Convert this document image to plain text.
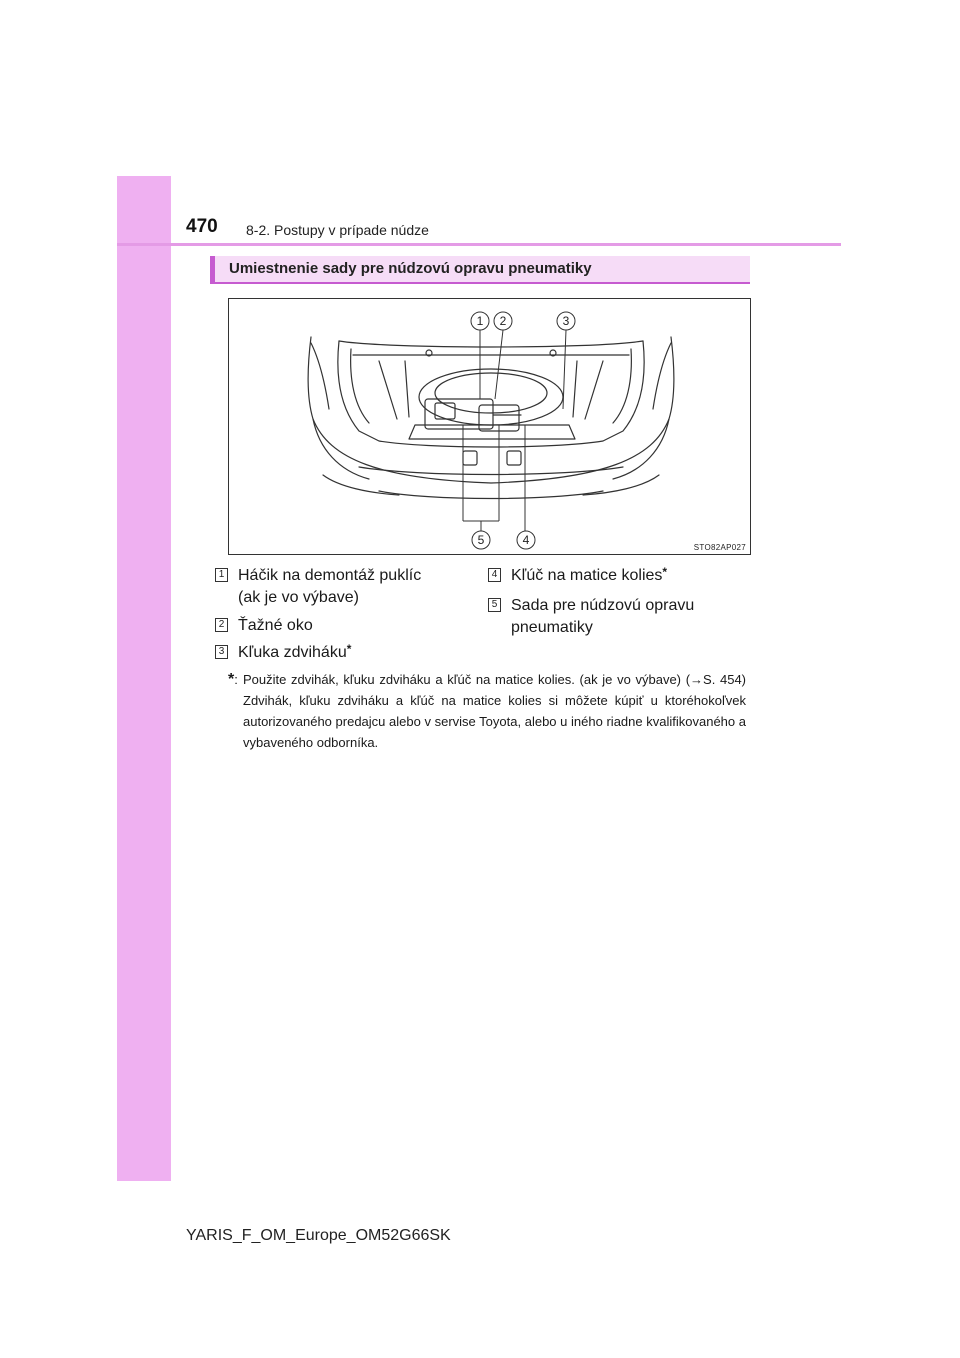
470 8-2. Postupy v prípade núdze
Umiestnenie sady pre núdzovú opravu pneumatiky
1 2	3
4
5
STO82AP027
1 Háčik na demontáž puklíc
(ak je vo výbave)
2 Ťažné oko
3 Kľuka zdviháku*
4 Kľúč na matice kolies*
5 Sada pre núdzovú opravu
pneumatiky
*: Použite zdvihák, kľuku zdviháku a kľúč na matice kolies. (ak je vo výbave) (→S. 454) Zdvihák, kľuku zdviháku a kľúč na matice kolies si môžete kúpiť u ktoréhokoľvek autorizovaného predajcu alebo v servise Toyota, alebo u iného riadne kvalifikovaného a vybaveného odborníka.
YARIS_F_OM_Europe_OM52G66SK
